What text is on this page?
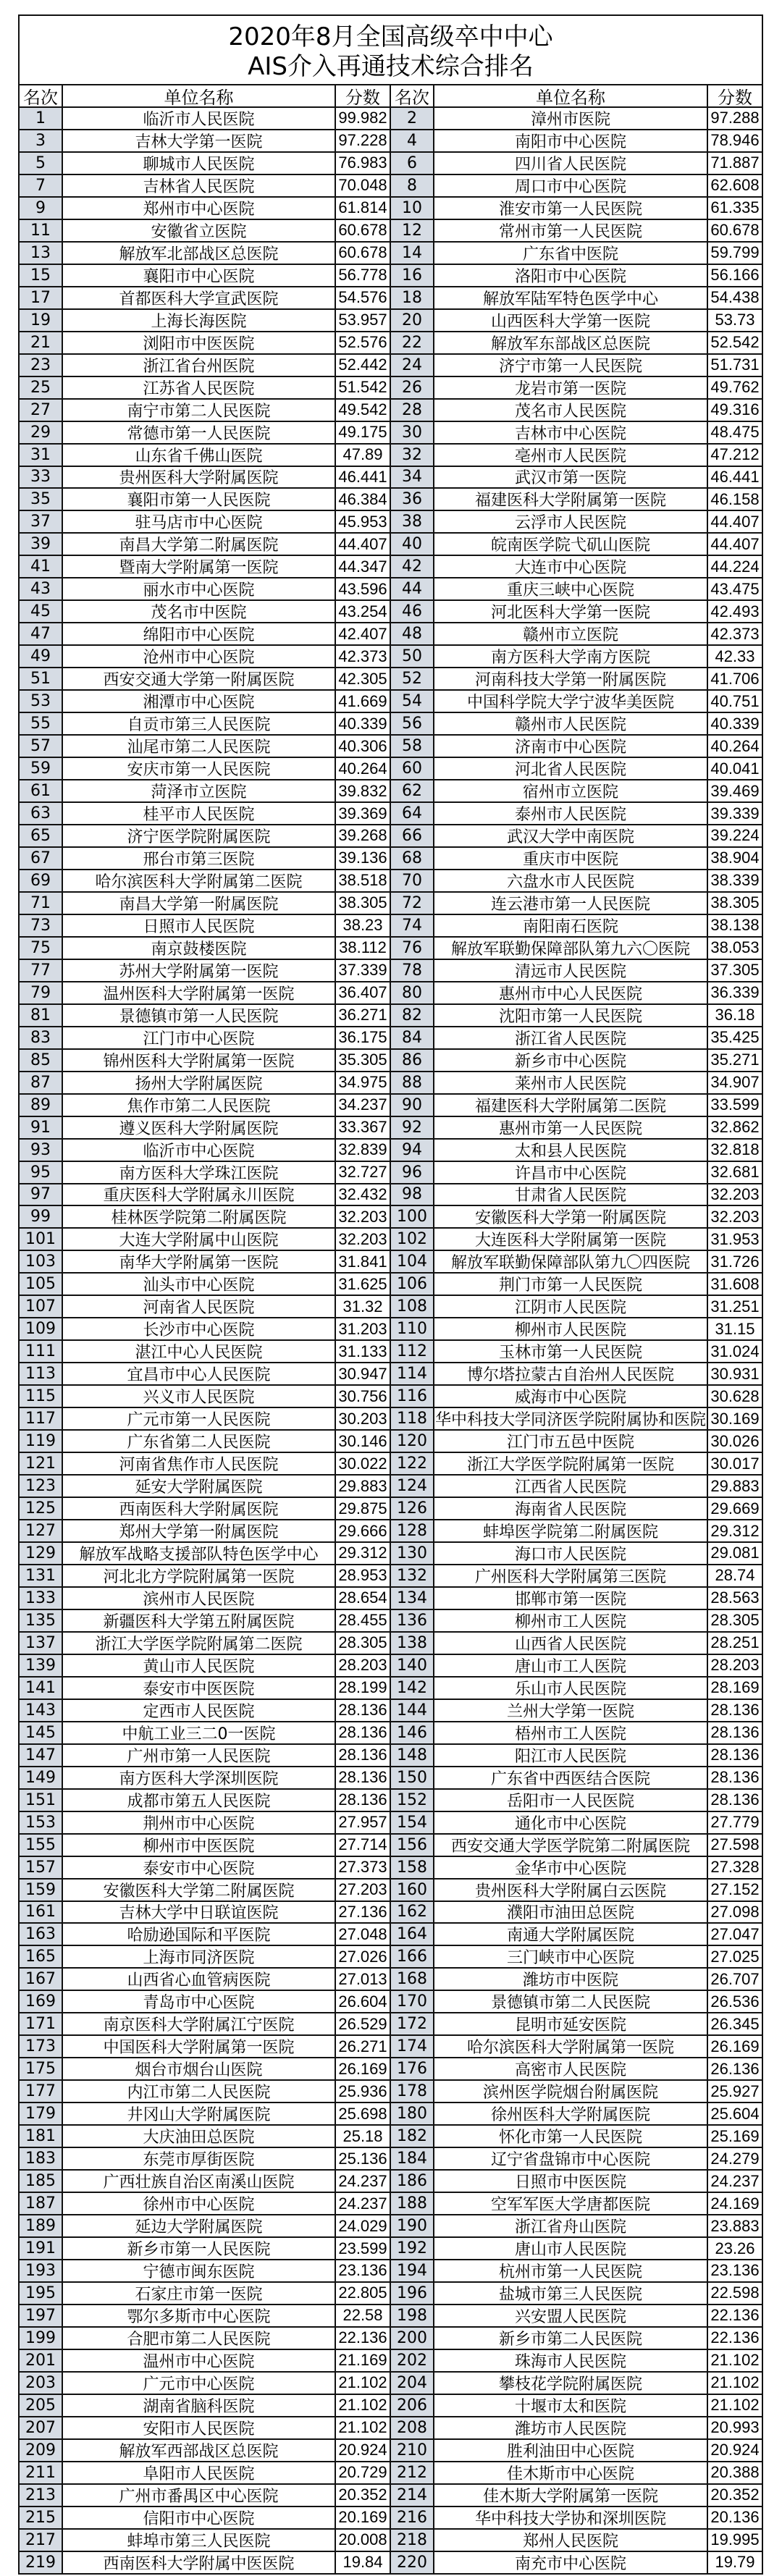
2020年8月全国高级卒中中心
AIS介入再通技术综合排名
名次	单位名称	分数 名次	单位名称	分数
1	临沂市人民医院	99.982	2	漳州市医院	97.288
3	吉林大学第一医院	97.228	4	南阳市中心医院	78.946
5	聊城市人民医院	76.983	6	四川省人民医院	71.887
7	吉林省人民医院	70.048	8	周口市中心医院	62.608
9	郑州市中心医院	61.814 10	淮安市第一人民医院	61.335
11	安徽省立医院	60.678 12	常州市第一人民医院	60.678
13	解放军北部战区总医院	60.678 14	广东省中医院	59.799
15	襄阳市中心医院	56.778 16	洛阳市中心医院	56.166
17	首都医科大学宣武医院	54.576 18	解放军陆军特色医学中心	54.438
19	上海长海医院	53.957 20	山西医科大学第一医院	53.73
21	浏阳市中医医院	52.576 22	解放军东部战区总医院	52.542
23	浙江省台州医院	52.442 24	济宁市第一人民医院	51.731
25	江苏省人民医院	51.542 26	龙岩市第一医院	49.762
27	南宁市第二人民医院	49.542 28	茂名市人民医院	49.316
29	常德市第一人民医院	49.175 30	吉林市中心医院	48.475
31	山东省千佛山医院	47.89	32	亳州市人民医院	47.212
33	贵州医科大学附属医院	46.441 34	武汉市第一医院	46.441
35	襄阳市第一人民医院	46.384 36	福建医科大学附属第一医院	46.158
37	驻马店市中心医院	45.953 38	云浮市人民医院	44.407
39	南昌大学第二附属医院	44.407 40	皖南医学院弋矶山医院	44.407
41	暨南大学附属第一医院	44.347 42	大连市中心医院	44.224
43	丽水市中心医院	43.596 44	重庆三峡中心医院	43.475
45	茂名市中医院	43.254 46	河北医科大学第一医院	42.493
47	绵阳市中心医院	42.407 48	赣州市立医院	42.373
49	沧州市中心医院	42.373 50	南方医科大学南方医院	42.33
51	西安交通大学第一附属医院	42.305 52	河南科技大学第一附属医院	41.706
53	湘潭市中心医院	41.669 54	中国科学院大学宁波华美医院	40.751
55	自贡市第三人民医院	40.339 56	赣州市人民医院	40.339
57	汕尾市第二人民医院	40.306 58	济南市中心医院	40.264
59	安庆市第一人民医院	40.264 60	河北省人民医院	40.041
61	菏泽市立医院	39.832 62	宿州市立医院	39.469
63	桂平市人民医院	39.369 64	泰州市人民医院	39.339
65	济宁医学院附属医院	39.268 66	武汉大学中南医院	39.224
67	邢台市第三医院	39.136 68	重庆市中医院	38.904
69	哈尔滨医科大学附属第二医院	38.518 70	六盘水市人民医院	38.339
71	南昌大学第一附属医院	38.305 72	连云港市第一人民医院	38.305
73	日照市人民医院	38.23	74	南阳南石医院	38.138
75	南京鼓楼医院	38.112 76	解放军联勤保障部队第九六〇医院	38.053
77	苏州大学附属第一医院	37.339 78	清远市人民医院	37.305
79	温州医科大学附属第一医院	36.407 80	惠州市中心人民医院	36.339
81	景德镇市第一人民医院	36.271 82	沈阳市第一人民医院	36.18
83	江门市中心医院	36.175 84	浙江省人民医院	35.425
85	锦州医科大学附属第一医院	35.305 86	新乡市中心医院	35.271
87	扬州大学附属医院	34.975 88	莱州市人民医院	34.907
89	焦作市第二人民医院	34.237 90	福建医科大学附属第二医院	33.599
91	遵义医科大学附属医院	33.367 92	惠州市第一人民医院	32.862
93	临沂市中心医院	32.839 94	太和县人民医院	32.818
95	南方医科大学珠江医院	32.727 96	许昌市中心医院	32.681
97	重庆医科大学附属永川医院	32.432 98	甘肃省人民医院	32.203
99	桂林医学院第二附属医院	32.203 100	安徽医科大学第一附属医院	32.203
101	大连大学附属中山医院	32.203 102	大连医科大学附属第一医院	31.953
103	南华大学附属第一医院	31.841 104	解放军联勤保障部队第九〇四医院	31.726
105	汕头市中心医院	31.625 106	荆门市第一人民医院	31.608
107	河南省人民医院	31.32 108	江阴市人民医院	31.251
109	长沙市中心医院	31.203 110	柳州市人民医院	31.15
111	湛江中心人民医院	31.133 112	玉林市第一人民医院	31.024
113	宜昌市中心人民医院	30.947 114	博尔塔拉蒙古自治州人民医院	30.931
115	兴义市人民医院	30.756 116	威海市中心医院	30.628
117	广元市第一人民医院	30.203 118 华中科技大学同济医学院附属协和医院 30.169
119	广东省第二人民医院	30.146 120	江门市五邑中医院	30.026
121	河南省焦作市人民医院	30.022 122	浙江大学医学院附属第一医院	30.017
123	延安大学附属医院	29.883 124	江西省人民医院	29.883
125	西南医科大学附属医院	29.875 126	海南省人民医院	29.669
127	郑州大学第一附属医院	29.666 128	蚌埠医学院第二附属医院	29.312
129	解放军战略支援部队特色医学中心	29.312 130	海口市人民医院	29.081
131	河北北方学院附属第一医院	28.953 132	广州医科大学附属第三医院	28.74
133	滨州市人民医院	28.654 134	邯郸市第一医院	28.563
135	新疆医科大学第五附属医院	28.455 136	柳州市工人医院	28.305
137	浙江大学医学院附属第二医院	28.305 138	山西省人民医院	28.251
139	黄山市人民医院	28.203 140	唐山市工人医院	28.203
141	泰安市中医医院	28.199 142	乐山市人民医院	28.169
143	定西市人民医院	28.136 144	兰州大学第一医院	28.136
145	中航工业三二0一医院	28.136 146	梧州市工人医院	28.136
147	广州市第一人民医院	28.136 148	阳江市人民医院	28.136
149	南方医科大学深圳医院	28.136 150	广东省中西医结合医院	28.136
151	成都市第五人民医院	28.136 152	岳阳市一人民医院	28.136
153	荆州市中心医院	27.957 154	通化市中心医院	27.779
155	柳州市中医医院	27.714 156	西安交通大学医学院第二附属医院	27.598
157	泰安市中心医院	27.373 158	金华市中心医院	27.328
159	安徽医科大学第二附属医院	27.203 160	贵州医科大学附属白云医院	27.152
161	吉林大学中日联谊医院	27.136 162	濮阳市油田总医院	27.098
163	哈励逊国际和平医院	27.048 164	南通大学附属医院	27.047
165	上海市同济医院	27.026 166	三门峡市中心医院	27.025
167	山西省心血管病医院	27.013 168	潍坊市中医院	26.707
169	青岛市中心医院	26.604 170	景德镇市第二人民医院	26.536
171	南京医科大学附属江宁医院	26.529 172	昆明市延安医院	26.345
173	中国医科大学附属第一医院	26.271 174	哈尔滨医科大学附属第一医院	26.169
175	烟台市烟台山医院	26.169 176	高密市人民医院	26.136
177	内江市第二人民医院	25.936 178	滨州医学院烟台附属医院	25.927
179	井冈山大学附属医院	25.698 180	徐州医科大学附属医院	25.604
181	大庆油田总医院	25.18 182	怀化市第一人民医院	25.169
183	东莞市厚街医院	25.136 184	辽宁省盘锦市中心医院	24.279
185	广西壮族自治区南溪山医院	24.237 186	日照市中医医院	24.237
187	徐州市中心医院	24.237 188	空军军医大学唐都医院	24.169
189	延边大学附属医院	24.029 190	浙江省舟山医院	23.883
191	新乡市第一人民医院	23.599 192	唐山市人民医院	23.26
193	宁德市闽东医院	23.136 194	杭州市第一人民医院	23.136
195	石家庄市第一医院	22.805 196	盐城市第三人民医院	22.598
197	鄂尔多斯市中心医院	22.58 198	兴安盟人民医院	22.136
199	合肥市第二人民医院	22.136 200	新乡市第二人民医院	22.136
201	温州市中心医院	21.169 202	珠海市人民医院	21.102
203	广元市中心医院	21.102 204	攀枝花学院附属医院	21.102
205	湖南省脑科医院	21.102 206	十堰市太和医院	21.102
207	安阳市人民医院	21.102 208	潍坊市人民医院	20.993
209	解放军西部战区总医院	20.924 210	胜利油田中心医院	20.924
211	阜阳市人民医院	20.729 212	佳木斯市中心医院	20.388
213	广州市番禺区中心医院	20.352 214	佳木斯大学附属第一医院	20.352
215	信阳市中心医院	20.169 216	华中科技大学协和深圳医院	20.136
217	蚌埠市第三人民医院	20.008 218	郑州人民医院	19.995
219	西南医科大学附属中医医院	19.84 220	南充市中心医院	19.79
